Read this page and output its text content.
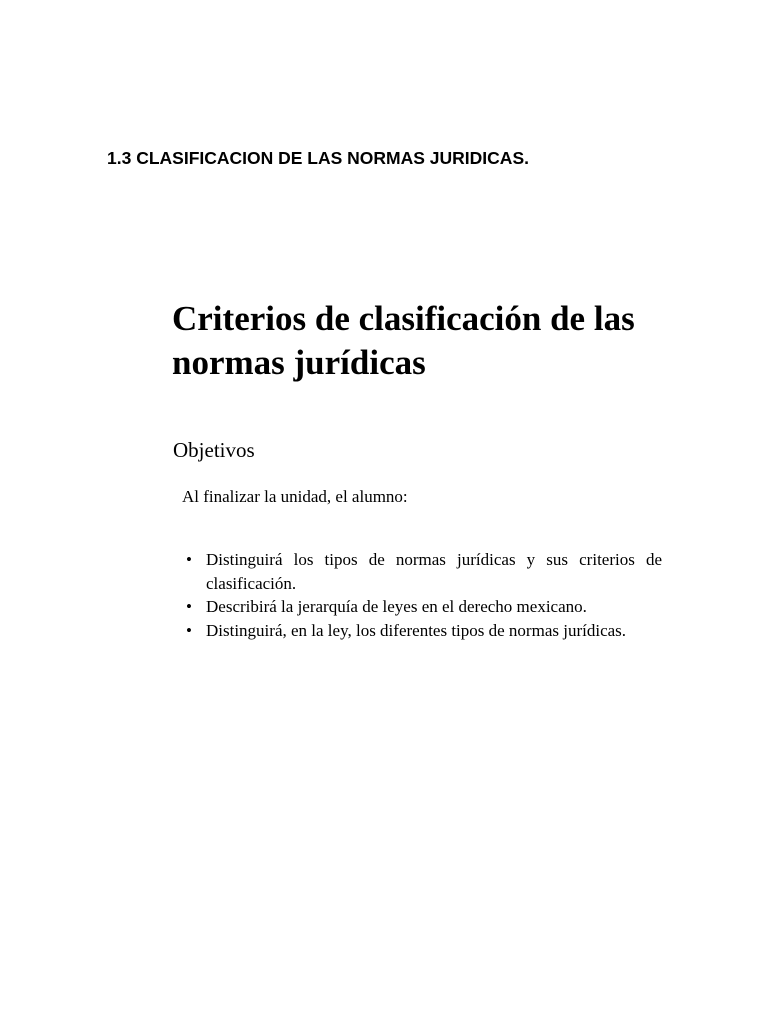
1.3 CLASIFICACION DE LAS NORMAS JURIDICAS.
Criterios de clasificación de las normas jurídicas
Objetivos

Al finalizar la unidad, el alumno:

• Distinguirá los tipos de normas jurídicas y sus criterios de clasificación.
• Describirá la jerarquía de leyes en el derecho mexicano.
• Distinguirá, en la ley, los diferentes tipos de normas jurídicas.
